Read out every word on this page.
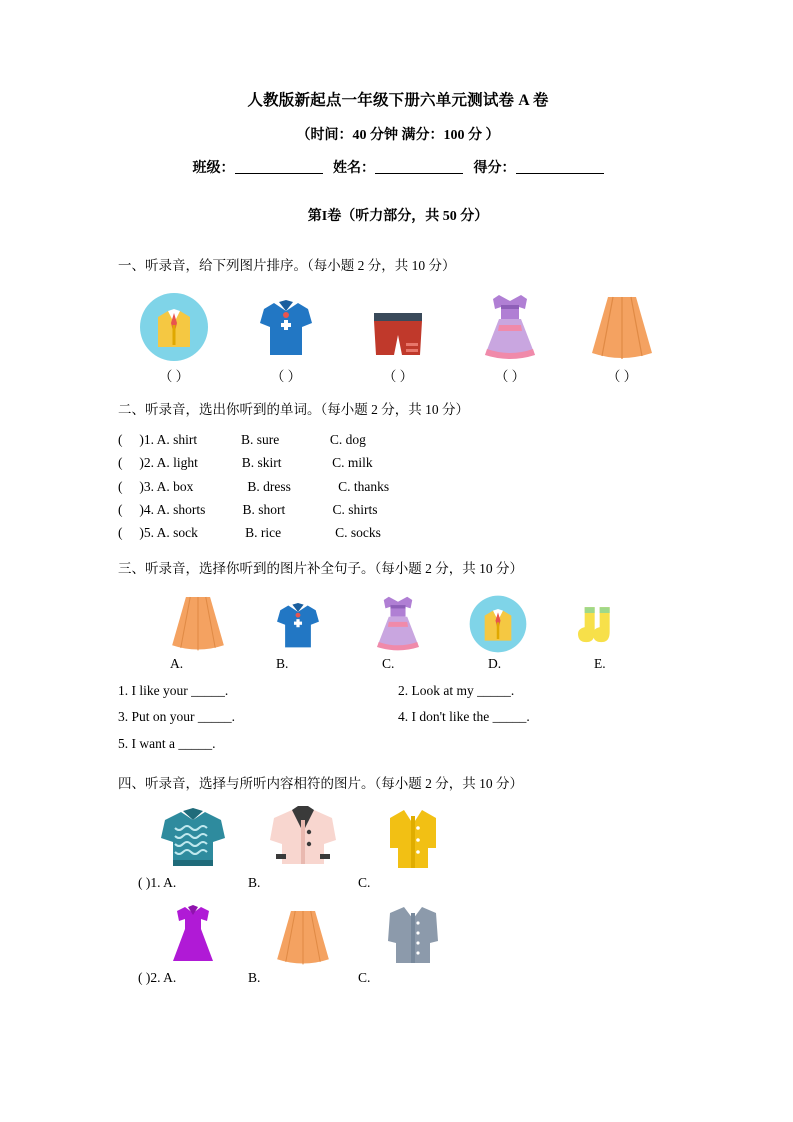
人教版新起点一年级下册六单元测试卷 A 卷
（时间：40 分钟 满分：100 分 ）
班级：	姓名：	得分：
第I卷（听力部分，共 50 分）
一、听录音，给下列图片排序。（每小题 2 分，共 10 分）
（ ）	（ ）	（ ）	（ ）	（ ）
二、听录音，选出你听到的单词。（每小题 2 分，共 10 分）
(     )1. A. shirt             B. sure               C. dog
(     )2. A. light             B. skirt               C. milk
(     )3. A. box                B. dress              C. thanks
(     )4. A. shorts           B. short              C. shirts
(     )5. A. sock              B. rice                C. socks
三、听录音，选择你听到的图片补全句子。（每小题 2 分，共 10 分）
A.	B.	C.	D.	E.
1. I like your _____.	2. Look at my _____.
3. Put on your _____.	4. I don't like the _____.
5. I want a _____.
四、听录音，选择与所听内容相符的图片。（每小题 2 分，共 10 分）
( )1. A.	B.	C.
( )2. A.	B.	C.
